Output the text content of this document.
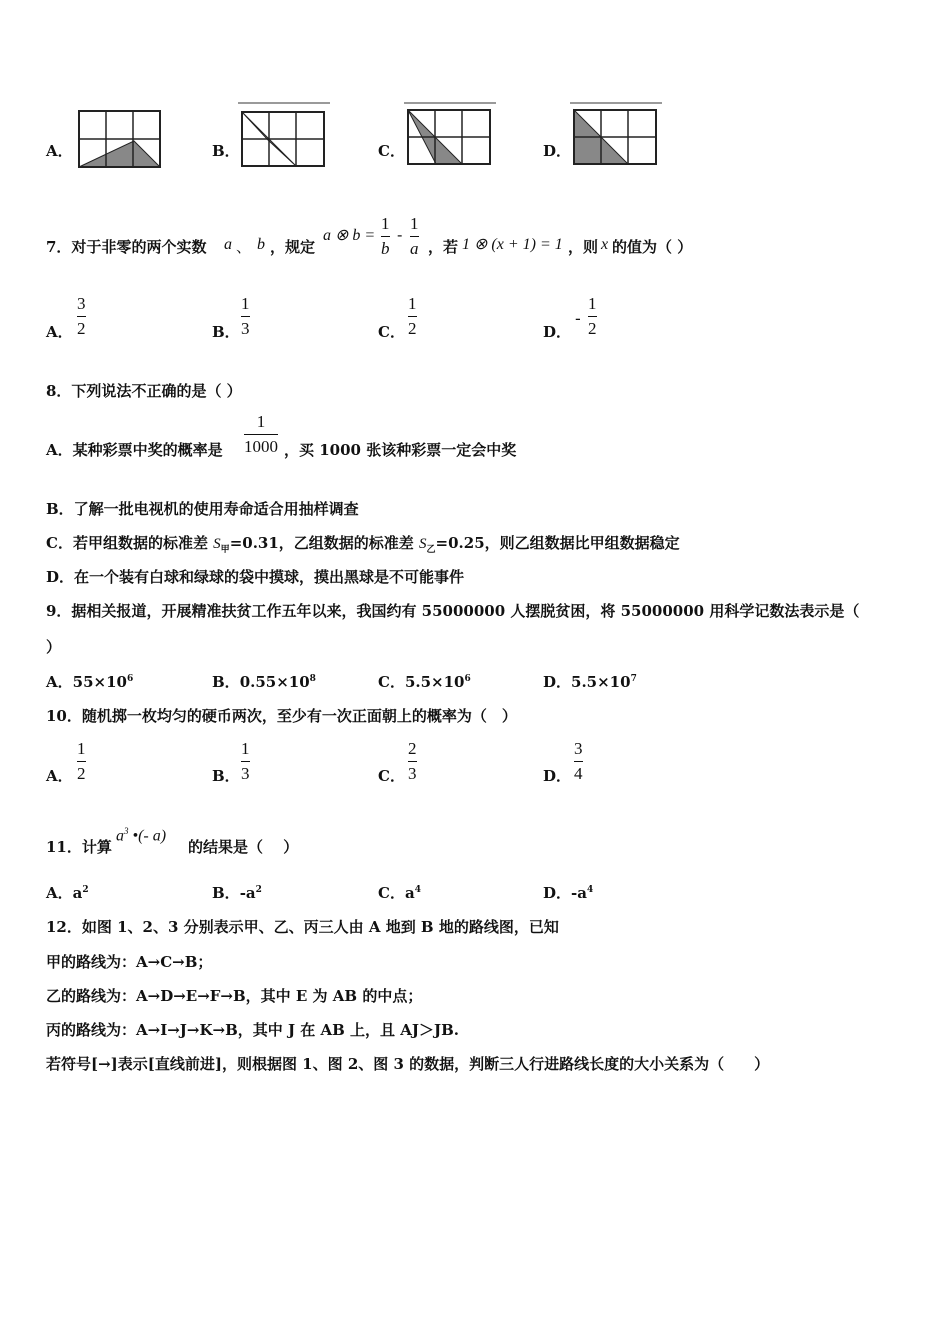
A．	B．	C．	D．
7．对于非零的两个实数 a 、 b ，规定
a ⊗ b =
1
b
-
1
a ，若 1 ⊗ (x + 1) = 1 ，则 x 的值为（ ）
A．
3
2	B．
1
3	C．
1
2	D．
-
1
2
8．下列说法不正确的是（ ）
A．某种彩票中奖的概率是
1
1000 ，买 1000 张该种彩票一定会中奖
B．了解一批电视机的使用寿命适合用抽样调查
C．若甲组数据的标准差 $S_甲=0.31$，乙组数据的标准差 $S_乙=0.25$，则乙组数据比甲组数据稳定
D．在一个装有白球和绿球的袋中摸球，摸出黑球是不可能事件
9．据相关报道，开展精准扶贫工作五年以来，我国约有 55000000 人摆脱贫困，将 55000000 用科学记数法表示是（
）
A．$55\times 10^6$	B．$0.55\times 10^8$	C．$5.5\times 10^6$	D．$5.5\times 10^7$
10．随机掷一枚均匀的硬币两次，至少有一次正面朝上的概率为（　）
A．
1
2	B．
1
3	C．
2
3	D．
3
4
11．计算
$a^3$ •(- a)
的结果是（　 ）
A．$a^2$	B．$-a^2$	C．$a^4$	D．$-a^4$
12．如图 1、2、3 分别表示甲、乙、丙三人由 A 地到 B 地的路线图，已知
甲的路线为：A→C→B；
乙的路线为：A→D→E→F→B，其中 E 为 AB 的中点；
丙的路线为：A→I→J→K→B，其中 J 在 AB 上，且 AJ＞JB.
若符号[→]表示[直线前进]，则根据图 1、图 2、图 3 的数据，判断三人行进路线长度的大小关系为（　　）
